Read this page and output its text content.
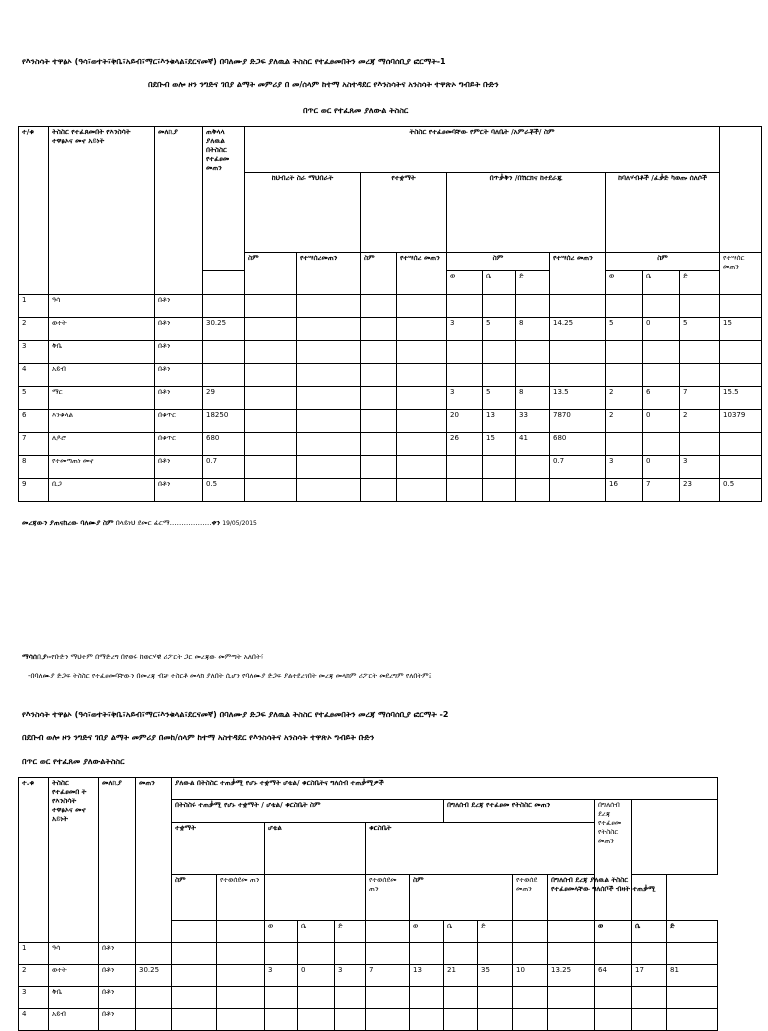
የእንስሳት ተዋፅኦ (ዓሳ፣ወተት፣ቅቤ፣አይብ፣ማር፣እንቁላል፣ደርናመኛ) በባለሙያ ድጋፍ ያለዉል ትስስር የተፈፀመበትን መረጃ ማሰባሰቢያ ፎርማት-1
በደቡብ ወሎ ዞን ንግድና ገበያ ልማት መምሪያ በ መ/ሰላም ከተማ አስተዳደር የእንስሳትና አንስሳት ተዋጽኦ ግብይት ቡድን
በጥር ወር የተፈጸመ ያለውል ትስስር
ተ/ቁ	ትስስር የተፈጸመበት የእንስሳት ተዋፅኦና መኖ አይነት	መለኪያ	ጠቅላላ ያለዉል በትስስር የተፈፀመ መጠን	ትስስር የተፈፀመባቸው የምርት ባለቤት /አምራቾች/ ስም											
				ከህብረት ስራ ማህበራት		የተቋማት		በጥቃቅን /በሽርክና ከተደራጁ				ከባለሃብቶች /ፈቃድ ካወጡ ሰለሶች			
				ስም	የተሣሰረመጠን	ስም	የተሣሰረ መጠን	ስም			የተሣሰረ መጠን	ስም			የተሣሰር መጠን
								ወ	ሴ	ድ		ወ	ሴ	ድ	
1	ዓሳ	በቶን													
2	ወተት	በቶን	30.25					3	5	8	14.25	5	0	5	15
3	ቅቤ	በቶን													
4	አይብ	በቶን													
5	ማር	በቶን	29					3	5	8	13.5	2	6	7	15.5
6	እንቁላል	በቁጥር	18250					20	13	33	7870	2	0	2	10379
7	ለዶሮ	በቁጥር	680					26	15	41	680				
8	የተመጣጠነ መኖ	በቶን	0.7								0.7	3	0	3	
9	ቢጋ	በቶን	0.5									16	7	23	0.5
መረጃውን ያጠናከረው ባለሙያ ስም በላይነህ ደመር ፊርማ………………ቀን 19/05/2015
ማሳሰቢያ፡-የቡድን ማህተም በማድረግ በየወሩ ከወርሃዊ ሪፖርት ጋር መረጃው መምጣት አለበት፣
-በባለሙያ ድጋፍ ትስስር የተፈፀመባቸውን በመረጃ ብቻ ተስርቶ መላክ ያለበት ሲሆን የባለሙያ ድጋፍ ያልተደረገበት መረጃ መላክም ሪፖርት መደረግም የለበትም፤
የእንስሳት ተዋፅኦ (ዓሳ፣ወተት፣ቅቤ፣አይብ፣ማር፣እንቁላል፣ደርናመኛ) በባለሙያ ድጋፍ ያለዉል ትስስር የተፈፀመበትን መረጃ ማሰባሰቢያ ፎርማት -2
በደቡብ ወሎ ዞን ንግድና ገበያ ልማት መምሪያ በመከ/ሰላም ከተማ አስተዳደር የእንስሳትና አንስሳት ተዋጽኦ ግብይት ቡድን
በጥር ወር የተፈጸመ ያለውልትስስር
ተ.ቁ	ትስስር የተፈፀመበ ት የእንስሳት ተዋፅኦና መኖ አይነት	መለኪያ	መጠን	ያለውል በትስስር ተጠቃሚ የሆኑ ተቋማት ሆቴል/ ቁርስቤትና ግለሰብ ተጠቃሚዎች													
				በትስስሩ ተጠቃሚ የሆኑ ተቋማት / ሆቴል/ ቁርስቤት ስም							በግለሰብ ደረጃ የተፈፀመ የትስስር መጠን				በግለሰብ ደረጃ የተፈፀመ የትስስር መጠን		
				ተቋማት		ሆቴል			ቁርስቤት								
				ስም	የተወሰደመ ጠን				የተወሰደመ ጠን	ስም			የተወሰደ መጠን	በግለሰብ ደረጃ ያለዉል ትስስር የተፈፀመላቸው ግለሰቦች ብዛት ተጠቃሚ			
						ወ	ሴ	ድ		ወ	ሴ	ድ			ወ	ሴ	ድ
1	ዓሳ	በቶን															
2	ወተት	በቶን	30.25			3	0	3	7	13	21	35	10	13.25	64	17	81
3	ቅቤ	በቶን															
4	አይብ	በቶን															
